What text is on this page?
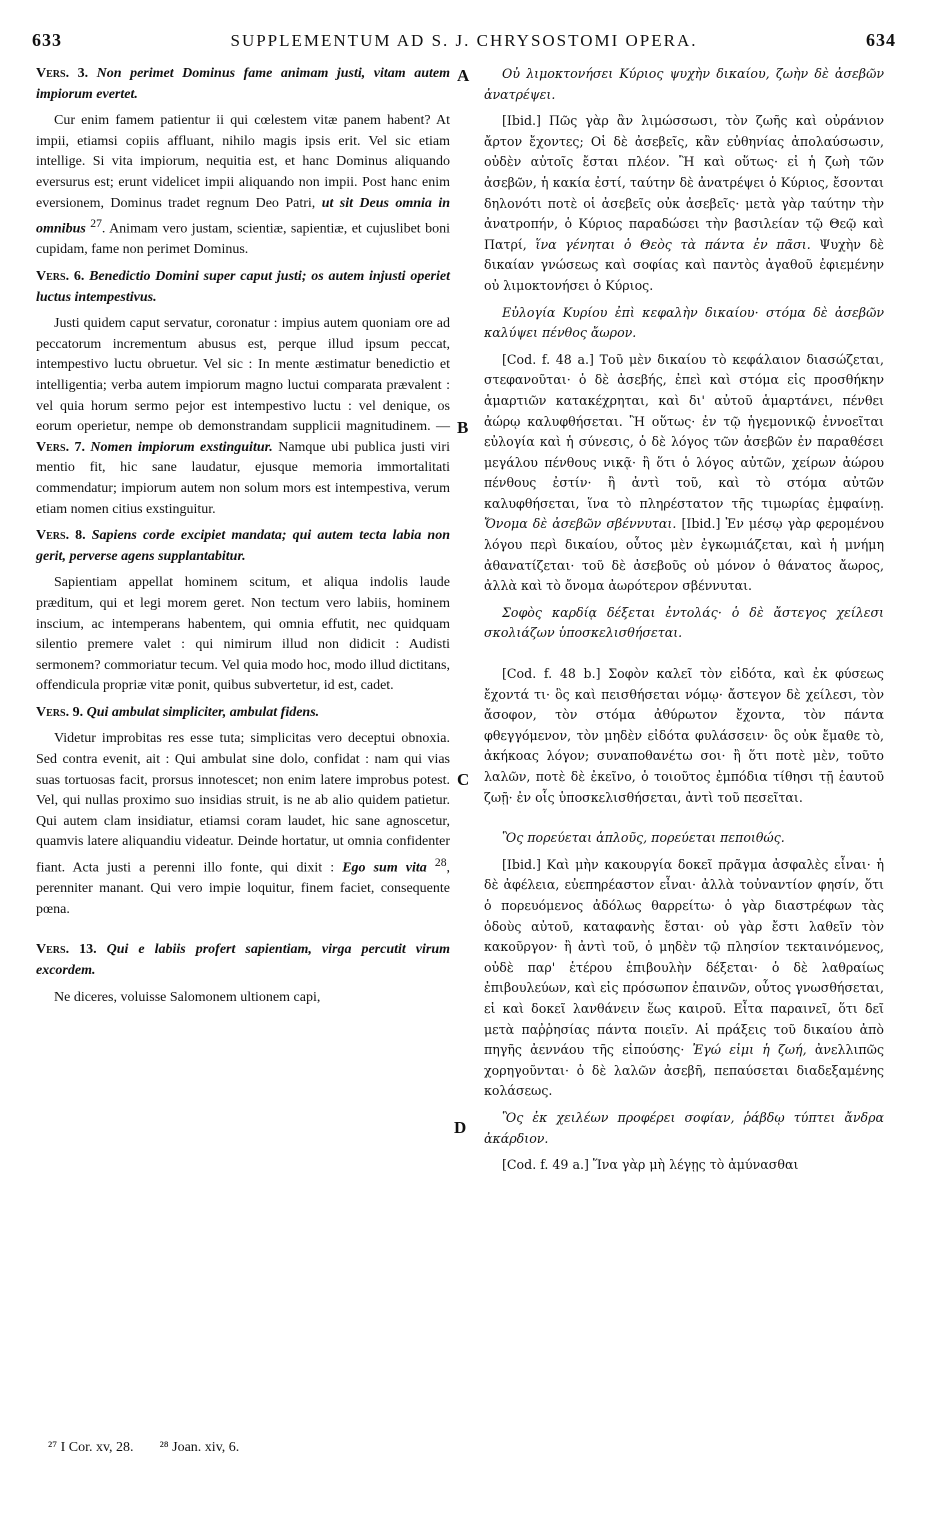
633	SUPPLEMENTUM AD S. J. CHRYSOSTOMI OPERA.	634
A
B
C
D

Vers. 3. Non perimet Dominus fame animam justi, vitam autem impiorum evertet.

Cur enim famem patientur ii qui cœlestem vitæ panem habent? At impii, etiamsi copiis affluant, nihilo magis ipsis erit. Vel sic etiam intellige. Si vita impiorum, nequitia est, et hanc Dominus aliquando eversurus est; erunt videlicet impii aliquando non impii. Post hanc enim eversionem, Dominus tradet regnum Deo Patri, ut sit Deus omnia in omnibus $^{27}$. Animam vero justam, scientiæ, sapientiæ, et cujuslibet boni cupidam, fame non perimet Dominus.

Vers. 6. Benedictio Domini super caput justi; os autem injusti operiet luctus intempestivus.

Justi quidem caput servatur, coronatur : impius autem quoniam ore ad peccatorum incrementum abusus est, perque illud ipsum peccat, intempestivo luctu obruetur. Vel sic : In mente æstimatur benedictio et intelligentia; verba autem impiorum magno luctui comparata prævalent : vel quia horum sermo pejor est intempestivo luctu : vel denique, os eorum operietur, nempe ob demonstrandam supplicii magnitudinem. — Vers. 7. Nomen impiorum exstinguitur. Namque ubi publica justi viri mentio fit, hic sane laudatur, ejusque memoria immortalitati commendatur; impiorum autem non solum mors est intempestiva, verum etiam nomen citius exstinguitur.

Vers. 8. Sapiens corde excipiet mandata; qui autem tecta labia non gerit, perverse agens supplantabitur.

Sapientiam appellat hominem scitum, et aliqua indolis laude præditum, qui et legi morem geret. Non tectum vero labiis, hominem inscium, ac intemperans habentem, qui omnia effutit, nec quidquam silentio premere valet : qui nimirum illud non didicit : Audisti sermonem? commoriatur tecum. Vel quia modo hoc, modo illud dictitans, offendicula propriæ vitæ ponit, quibus subvertetur, id est, cadet.

Vers. 9. Qui ambulat simpliciter, ambulat fidens.

Videtur improbitas res esse tuta; simplicitas vero deceptui obnoxia. Sed contra evenit, ait : Qui ambulat sine dolo, confidat : nam qui vias suas tortuosas facit, prorsus innotescet; non enim latere improbus potest. Vel, qui nullas proximo suo insidias struit, is ne ab alio quidem patietur. Qui autem clam insidiatur, etiamsi coram laudet, hic sane agnoscetur, quamvis latere aliquandiu videatur. Deinde hortatur, ut omnia confidenter fiant. Acta justi a perenni illo fonte, qui dixit : Ego sum vita $^{28}$, perenniter manant. Qui vero impie loquitur, finem faciet, consequente pœna.

Vers. 13. Qui e labiis profert sapientiam, virga percutit virum excordem.

Ne diceres, voluisse Salomonem ultionem capi,

Οὐ λιμοκτονήσει Κύριος ψυχὴν δικαίου, ζωὴν δὲ ἀσεβῶν ἀνατρέψει.

[Ibid.] Πῶς γὰρ ἂν λιμώσσωσι, τὸν ζωῆς καὶ οὐράνιον ἄρτον ἔχοντες; Οἱ δὲ ἀσεβεῖς, κἂν εὐθηνίας ἀπολαύσωσιν, οὐδὲν αὐτοῖς ἔσται πλέον. Ἢ καὶ οὕτως· εἰ ἡ ζωὴ τῶν ἀσεβῶν, ἡ κακία ἐστί, ταύτην δὲ ἀνατρέψει ὁ Κύριος, ἔσονται δηλονότι ποτὲ οἱ ἀσεβεῖς οὐκ ἀσεβεῖς· μετὰ γὰρ ταύτην τὴν ἀνατροπήν, ὁ Κύριος παραδώσει τὴν βασιλείαν τῷ Θεῷ καὶ Πατρί, ἵνα γένηται ὁ Θεὸς τὰ πάντα ἐν πᾶσι. Ψυχὴν δὲ δικαίαν γνώσεως καὶ σοφίας καὶ παντὸς ἀγαθοῦ ἐφιεμένην οὐ λιμοκτονήσει ὁ Κύριος.

Εὐλογία Κυρίου ἐπὶ κεφαλὴν δικαίου· στόμα δὲ ἀσεβῶν καλύψει πένθος ἄωρον.

[Cod. f. 48 a.] Τοῦ μὲν δικαίου τὸ κεφάλαιον διασώζεται, στεφανοῦται· ὁ δὲ ἀσεβής, ἐπεὶ καὶ στόμα εἰς προσθήκην ἁμαρτιῶν κατακέχρηται, καὶ δι' αὐτοῦ ἁμαρτάνει, πένθει ἀώρῳ καλυφθήσεται. Ἢ οὕτως· ἐν τῷ ἡγεμονικῷ ἐννοεῖται εὐλογία καὶ ἡ σύνεσις, ὁ δὲ λόγος τῶν ἀσεβῶν ἐν παραθέσει μεγάλου πένθους νικᾷ· ἢ ὅτι ὁ λόγος αὐτῶν, χείρων ἀώρου πένθους ἐστίν· ἢ ἀντὶ τοῦ, καὶ τὸ στόμα αὐτῶν καλυφθήσεται, ἵνα τὸ πληρέστατον τῆς τιμωρίας ἐμφαίνῃ. Ὄνομα δὲ ἀσεβῶν σβέννυται. [Ibid.] Ἐν μέσῳ γὰρ φερομένου λόγου περὶ δικαίου, οὗτος μὲν ἐγκωμιάζεται, καὶ ἡ μνήμη ἀθανατίζεται· τοῦ δὲ ἀσεβοῦς οὐ μόνον ὁ θάνατος ἄωρος, ἀλλὰ καὶ τὸ ὄνομα ἀωρότερον σβέννυται.

Σοφὸς καρδίᾳ δέξεται ἐντολάς· ὁ δὲ ἄστεγος χείλεσι σκολιάζων ὑποσκελισθήσεται.

[Cod. f. 48 b.] Σοφὸν καλεῖ τὸν εἰδότα, καὶ ἐκ φύσεως ἔχοντά τι· ὃς καὶ πεισθήσεται νόμῳ· ἄστεγον δὲ χείλεσι, τὸν ἄσοφον, τὸν στόμα ἀθύρωτον ἔχοντα, τὸν πάντα φθεγγόμενον, τὸν μηδὲν εἰδότα φυλάσσειν· ὃς οὐκ ἔμαθε τὸ, ἀκήκοας λόγον; συναποθανέτω σοι· ἢ ὅτι ποτὲ μὲν, τοῦτο λαλῶν, ποτὲ δὲ ἐκεῖνο, ὁ τοιοῦτος ἐμπόδια τίθησι τῇ ἑαυτοῦ ζωῇ· ἐν οἷς ὑποσκελισθήσεται, ἀντὶ τοῦ πεσεῖται.

Ὃς πορεύεται ἁπλοῦς, πορεύεται πεποιθώς.

[Ibid.] Καὶ μὴν κακουργία δοκεῖ πρᾶγμα ἀσφαλὲς εἶναι· ἡ δὲ ἀφέλεια, εὐεπηρέαστον εἶναι· ἀλλὰ τοὐναντίον φησίν, ὅτι ὁ πορευόμενος ἀδόλως θαρρείτω· ὁ γὰρ διαστρέφων τὰς ὁδοὺς αὐτοῦ, καταφανὴς ἔσται· οὐ γὰρ ἔστι λαθεῖν τὸν κακοῦργον· ἢ ἀντὶ τοῦ, ὁ μηδὲν τῷ πλησίον τεκταινόμενος, οὐδὲ παρ' ἑτέρου ἐπιβουλὴν δέξεται· ὁ δὲ λαθραίως ἐπιβουλεύων, καὶ εἰς πρόσωπον ἐπαινῶν, οὗτος γνωσθήσεται, εἰ καὶ δοκεῖ λανθάνειν ἕως καιροῦ. Εἶτα παραινεῖ, ὅτι δεῖ μετὰ παῤῥησίας πάντα ποιεῖν. Αἱ πράξεις τοῦ δικαίου ἀπὸ πηγῆς ἀεννάου τῆς εἰπούσης· Ἐγώ εἰμι ἡ ζωή, ἀνελλιπῶς χορηγοῦνται· ὁ δὲ λαλῶν ἀσεβῆ, πεπαύσεται διαδεξαμένης κολάσεως.

Ὃς ἐκ χειλέων προφέρει σοφίαν, ῥάβδῳ τύπτει ἄνδρα ἀκάρδιον.

[Cod. f. 49 a.] Ἵνα γὰρ μὴ λέγῃς τὸ ἀμύνασθαι

²⁷ I Cor. xv, 28. ²⁸ Joan. xiv, 6.
